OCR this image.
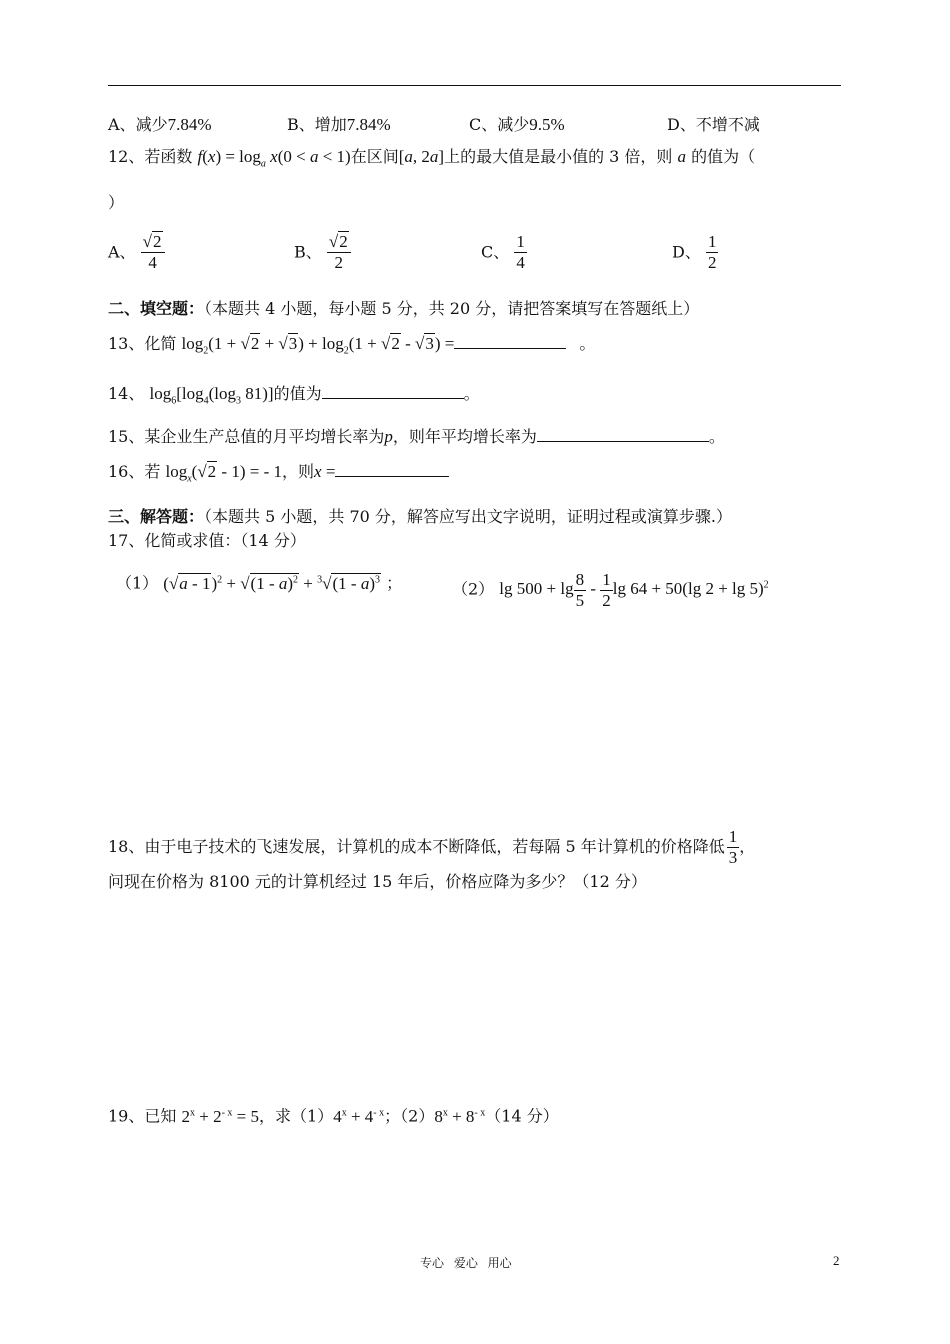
A、减少7.84%	B、增加7.84%	C、减少9.5%	D、不增不减
12、若函数 $f(x) = \log_a x(0 < a < 1)$在区间[a, 2a]上的最大值是最小值的 3 倍，则 a 的值为（
）
A、 $\frac{√2}{4}$	B、 $\frac{√2}{2}$	C、 $\frac{1}{4}$	D、 $\frac{1}{2}$
二、填空题：（本题共 4 小题，每小题 5 分，共 20 分，请把答案填写在答题纸上）
13、化简 $\log_2(1 + √2 + √3) + \log_2(1 + √2 - √3)$ =	。
14、 $\log_6[\log_4(\log_3$ 81)]的值为	。
15、某企业生产总值的月平均增长率为p，则年平均增长率为	。
16、若 $\log_x(√2 - 1)$ = - 1，则x =
三、解答题：（本题共 5 小题，共 70 分，解答应写出文字说明，证明过程或演算步骤.）
17、化简或求值：（14 分）
（1） (√a - 1)$^2$ + √(1 - a)$^2$ + $^3$√(1 - a)$^3$ ；	（2） $\lg 500 + \lg \frac{8}{5} - \frac{1}{2}$ lg 64 + 50(lg 2 + lg 5)$^2$
18、由于电子技术的飞速发展，计算机的成本不断降低，若每隔 5 年计算机的价格降低 $\frac{1}{3}$ ，
问现在价格为 8100 元的计算机经过 15 年后，价格应降为多少？（12 分）
19、已知 $2^x + 2^{- x} = 5$，求$(1)4^x + 4^{- x}$；$(2)8^x + 8^{- x}(14$ 分）
专心 爱心 用心	2
